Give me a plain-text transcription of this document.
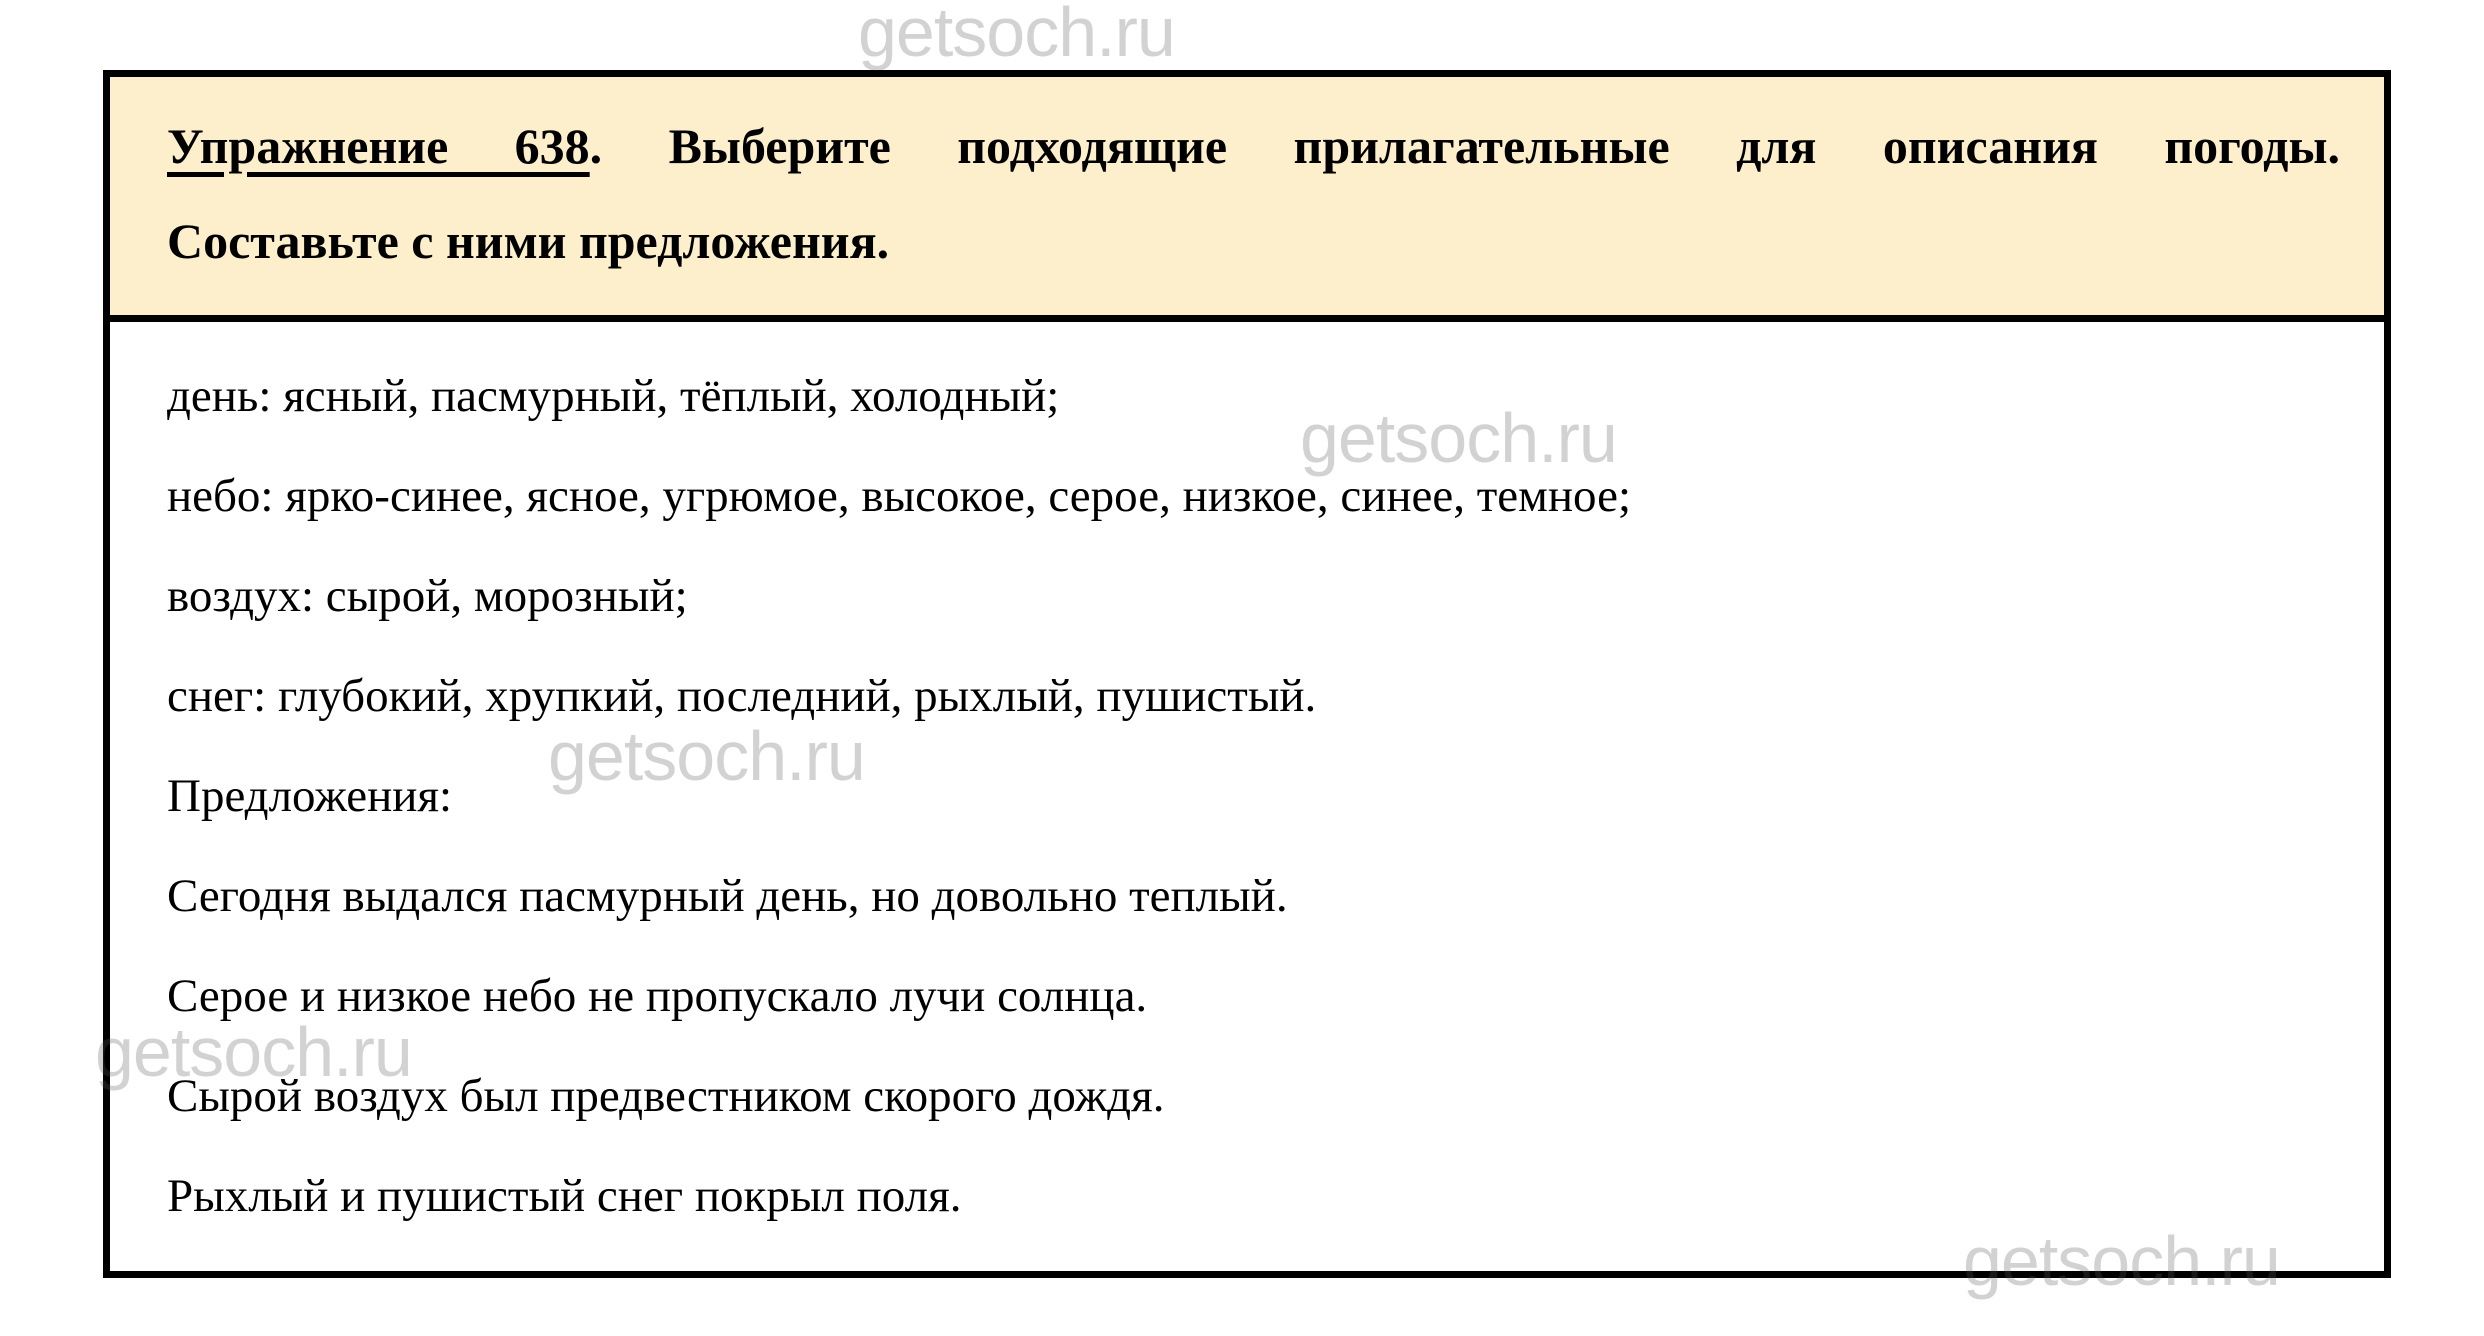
Упражнение 638. Выберите подходящие прилагательные для описания погоды.
Составьте с ними предложения.

день: ясный, пасмурный, тёплый, холодный;

небо: ярко-синее, ясное, угрюмое, высокое, серое, низкое, синее, темное;

воздух: сырой, морозный;

снег: глубокий, хрупкий, последний, рыхлый, пушистый.

Предложения:

Сегодня выдался пасмурный день, но довольно теплый.

Серое и низкое небо не пропускало лучи солнца.

Сырой воздух был предвестником скорого дождя.

Рыхлый и пушистый снег покрыл поля.

getsoch.ru
getsoch.ru
getsoch.ru
getsoch.ru
getsoch.ru
